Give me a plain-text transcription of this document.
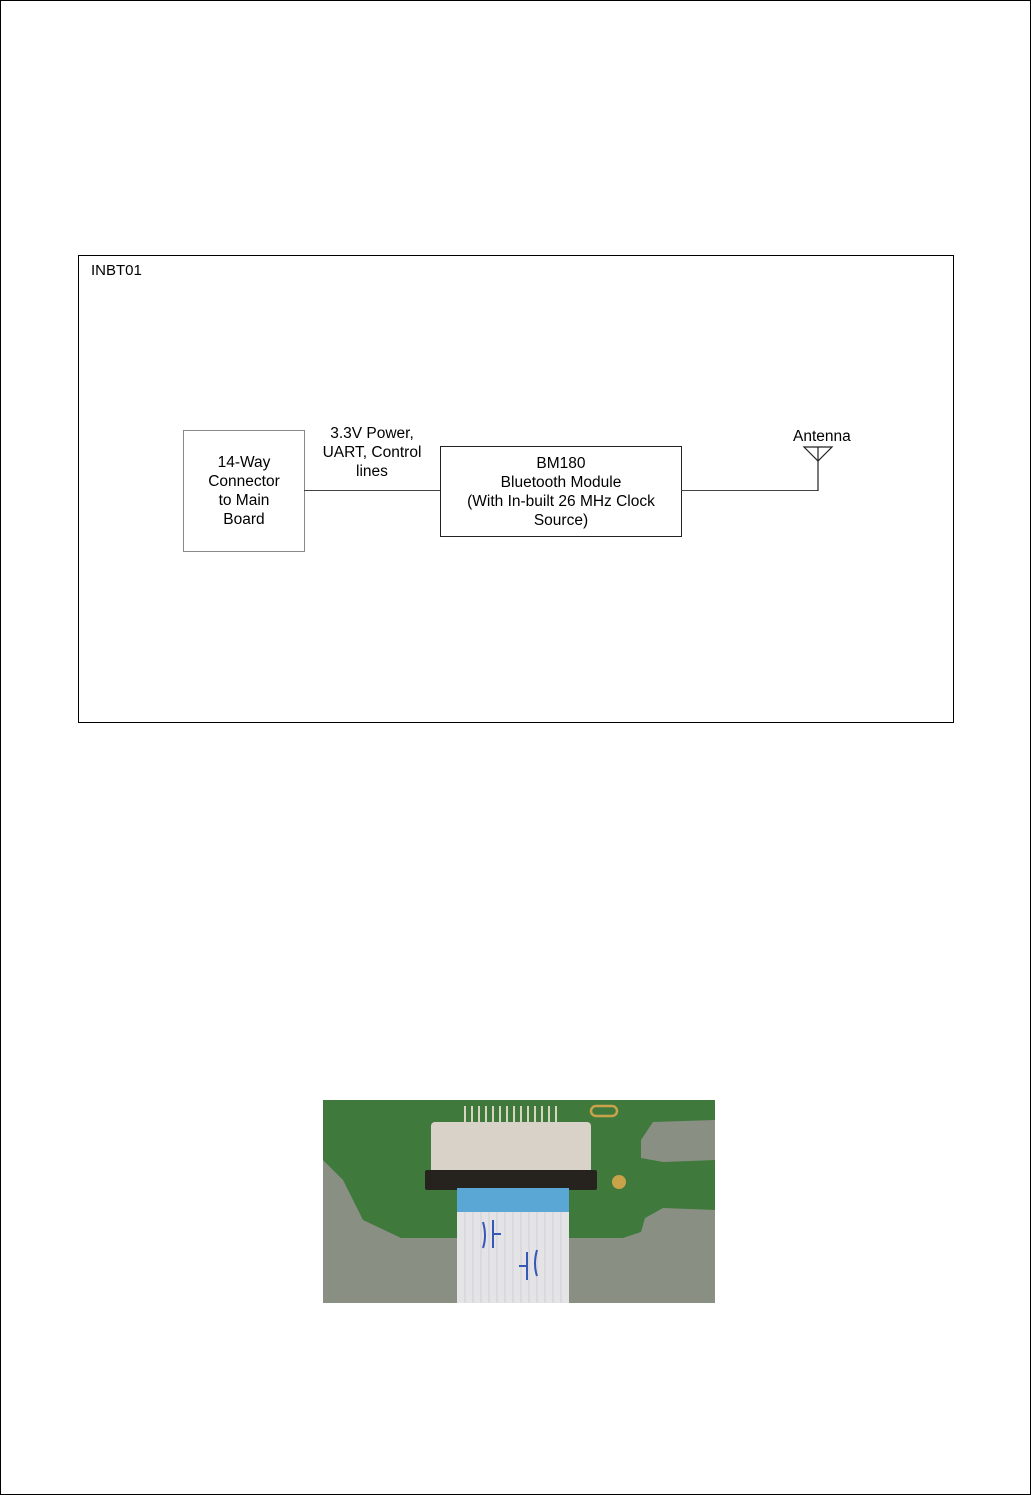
INBT01
14-Way
Connector
to Main
Board
3.3V Power,
UART, Control
lines	BM180
Bluetooth Module
(With In-built 26 MHz Clock
Source)
Antenna
